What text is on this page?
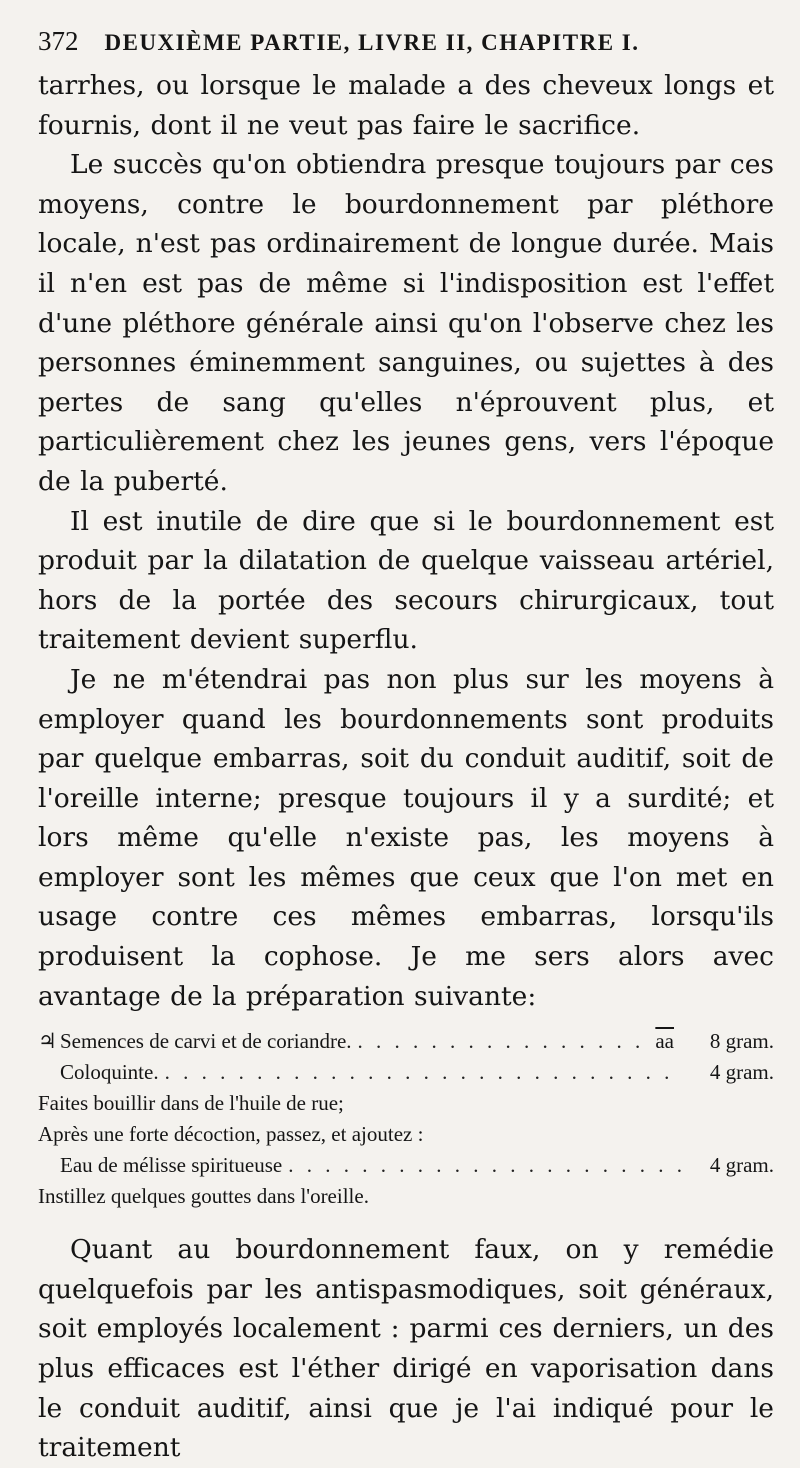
372 DEUXIÈME PARTIE, LIVRE II, CHAPITRE I.

tarrhes, ou lorsque le malade a des cheveux longs et fournis, dont il ne veut pas faire le sacrifice.

Le succès qu'on obtiendra presque toujours par ces moyens, contre le bourdonnement par pléthore locale, n'est pas ordinairement de longue durée. Mais il n'en est pas de même si l'indisposition est l'effet d'une pléthore générale ainsi qu'on l'observe chez les personnes éminemment sanguines, ou sujettes à des pertes de sang qu'elles n'éprouvent plus, et particulièrement chez les jeunes gens, vers l'époque de la puberté.

Il est inutile de dire que si le bourdonnement est produit par la dilatation de quelque vaisseau artériel, hors de la portée des secours chirurgicaux, tout traitement devient superflu.

Je ne m'étendrai pas non plus sur les moyens à employer quand les bourdonnements sont produits par quelque embarras, soit du conduit auditif, soit de l'oreille interne; presque toujours il y a surdité; et lors même qu'elle n'existe pas, les moyens à employer sont les mêmes que ceux que l'on met en usage contre ces mêmes embarras, lorsqu'ils produisent la cophose. Je me sers alors avec avantage de la préparation suivante:

♃ Semences de carvi et de coriandre. . . .	$\overline{aa}$	8 gram.
Coloquinte. . . .	4 gram.
Faites bouillir dans de l'huile de rue;
Après une forte décoction, passez, et ajoutez :
Eau de mélisse spiritueuse . . .	4 gram.
Instillez quelques gouttes dans l'oreille.

Quant au bourdonnement faux, on y remédie quelquefois par les antispasmodiques, soit généraux, soit employés localement : parmi ces derniers, un des plus efficaces est l'éther dirigé en vaporisation dans le conduit auditif, ainsi que je l'ai indiqué pour le traitement
